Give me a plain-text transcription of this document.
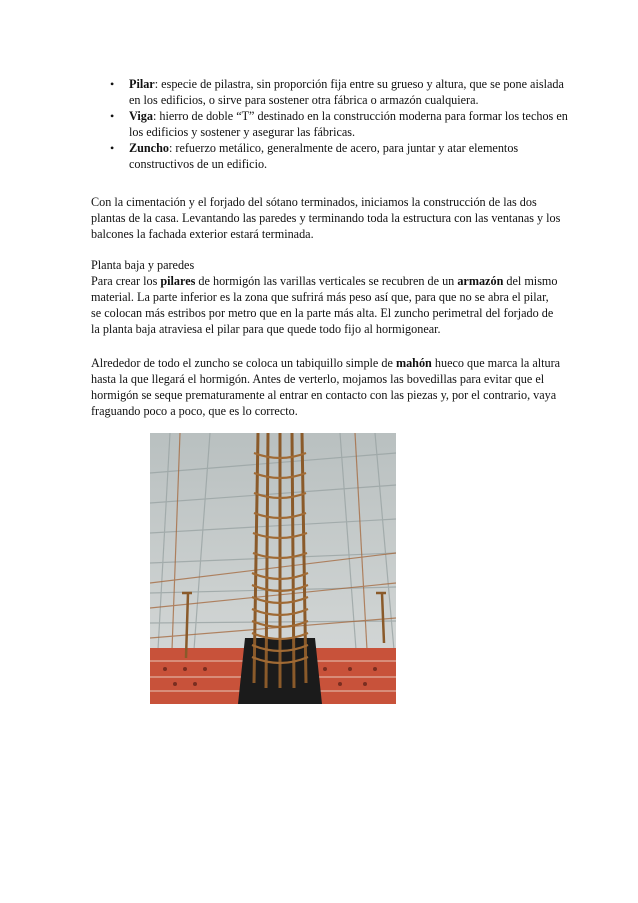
• Pilar: especie de pilastra, sin proporción fija entre su grueso y altura, que se pone aislada en los edificios, o sirve para sostener otra fábrica o armazón cualquiera.
• Viga: hierro de doble “T” destinado en la construcción moderna para formar los techos en los edificios y sostener y asegurar las fábricas.
• Zuncho: refuerzo metálico, generalmente de acero, para juntar y atar elementos constructivos de un edificio.

Con la cimentación y el forjado del sótano terminados, iniciamos la construcción de las dos plantas de la casa. Levantando las paredes y terminando toda la estructura con las ventanas y los balcones la fachada exterior estará terminada.

Planta baja y paredes
Para crear los pilares de hormigón las varillas verticales se recubren de un armazón del mismo material. La parte inferior es la zona que sufrirá más peso así que, para que no se abra el pilar, se colocan más estribos por metro que en la parte más alta. El zuncho perimetral del forjado de la planta baja atraviesa el pilar para que quede todo fijo al hormigonear.

Alrededor de todo el zuncho se coloca un tabiquillo simple de mahón hueco que marca la altura hasta la que llegará el hormigón. Antes de verterlo, mojamos las bovedillas para evitar que el hormigón se seque prematuramente al entrar en contacto con las piezas y, por el contrario, vaya fraguando poco a poco, que es lo correcto.
